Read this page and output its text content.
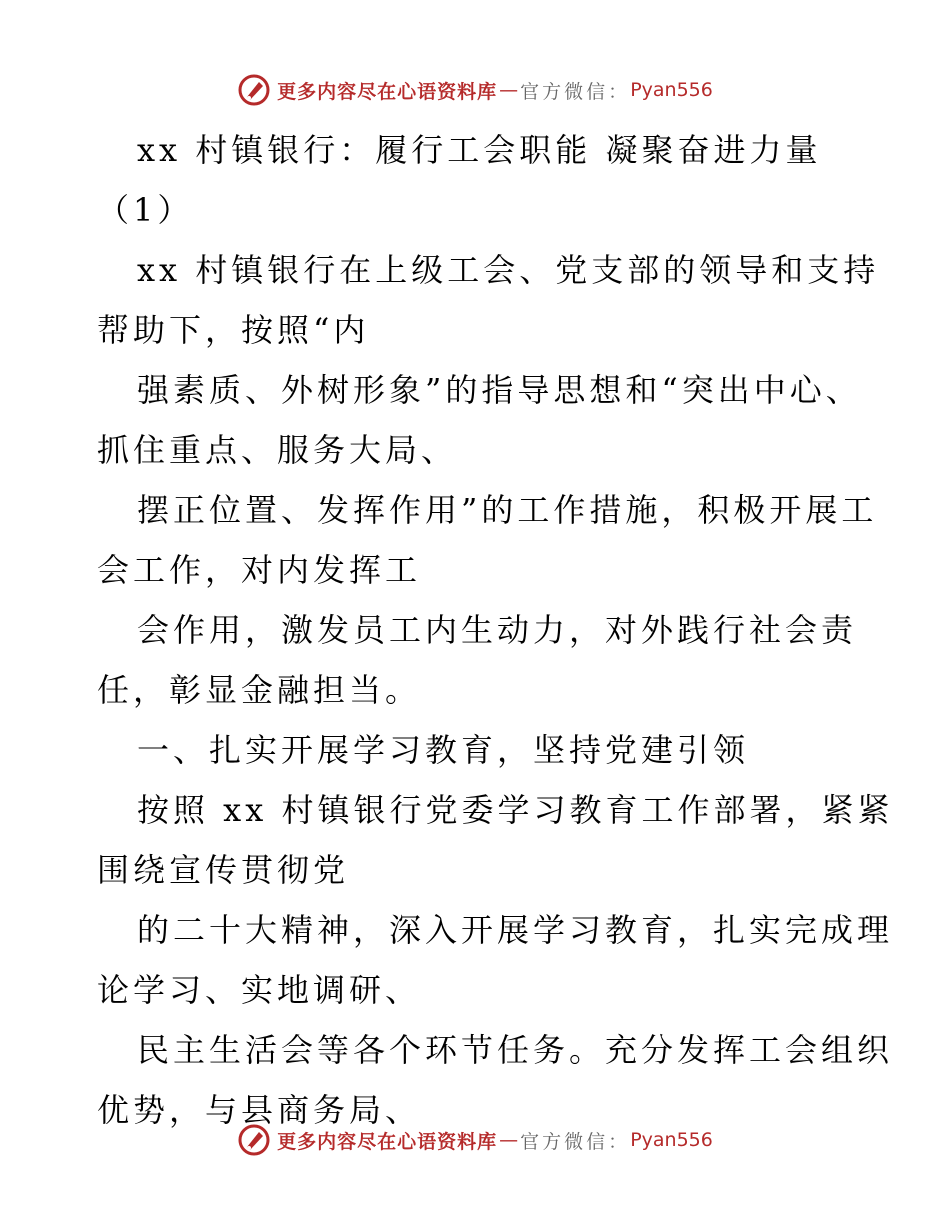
更多内容尽在心语资料库 — 官方微信： Pyan556
xx 村镇银行：履行工会职能 凝聚奋进力量
（1）
xx 村镇银行在上级工会、党支部的领导和支持
帮助下，按照“内
强素质、外树形象”的指导思想和“突出中心、
抓住重点、服务大局、
摆正位置、发挥作用”的工作措施，积极开展工
会工作，对内发挥工
会作用，激发员工内生动力，对外践行社会责
任，彰显金融担当。
一、扎实开展学习教育，坚持党建引领
按照 xx 村镇银行党委学习教育工作部署，紧紧
围绕宣传贯彻党
的二十大精神，深入开展学习教育，扎实完成理
论学习、实地调研、
民主生活会等各个环节任务。充分发挥工会组织
优势，与县商务局、
更多内容尽在心语资料库 — 官方微信： Pyan556
